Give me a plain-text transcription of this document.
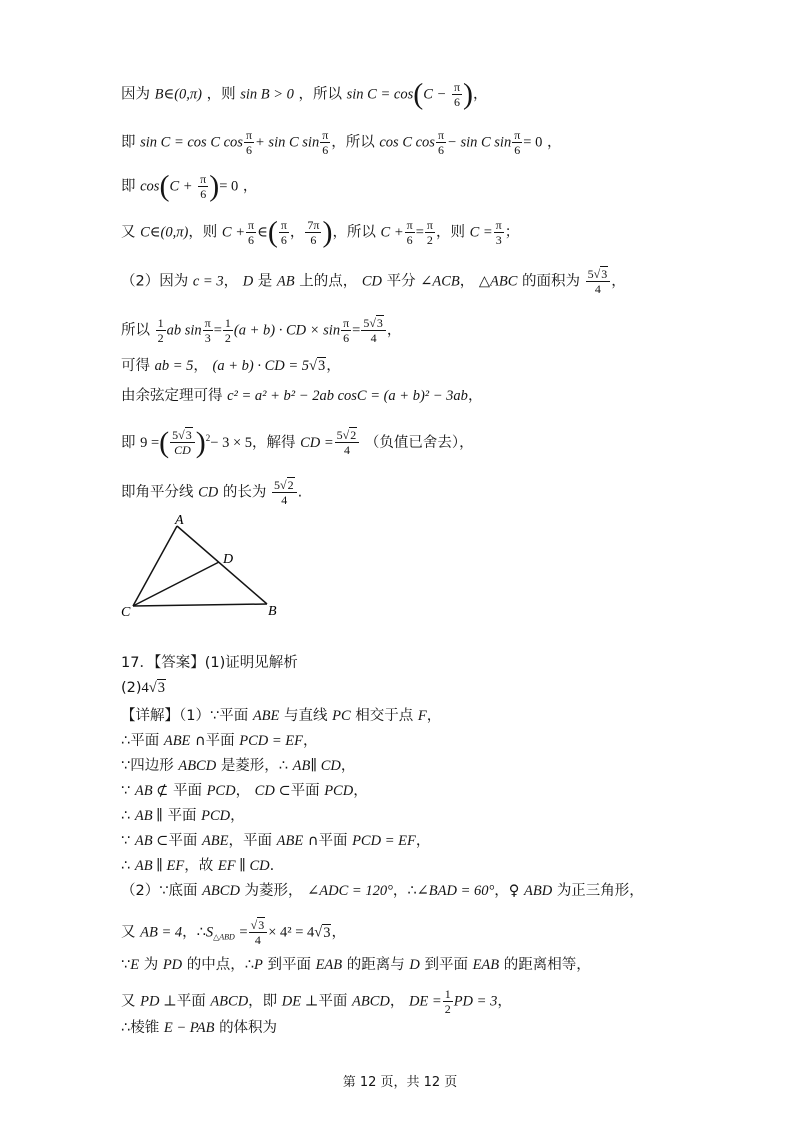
因为 B∈(0,π) ，则 sin B > 0 ，所以 $\sin C = \cos(C - \frac{\pi}{6}$ )，
即 sin C = cos C $\cos \frac{\pi}{6} + \sin C$ $\sin \frac{\pi}{6}$ ，所以 cos C $\cos \frac{\pi}{6} - \sin C$ $\sin \frac{\pi}{6} = 0$ ，
即 $\cos(C + \frac{\pi}{6}$ )= 0 ，
又 C∈(0,π)，则 $C + \frac{\pi}{6}$ ∈( $\frac{\pi}{6}$ ， $\frac{7\pi}{6}$ )，所以 $C + \frac{\pi}{6} = \frac{\pi}{2}$ ，则 $C = \frac{\pi}{3}$ ；
（2）因为 c = 3， D 是 AB 上的点， CD 平分 ∠ACB， △ABC 的面积为 $\frac{5√3}{4}$ ，
所以 $\frac{1}{2}$ ab $\sin \frac{\pi}{3} = \frac{1}{2} (a + b)$ · CD × $\sin \frac{\pi}{6} = \frac{5√3}{4}$ ，
可得 ab = 5， (a + b) · CD = 5√3，
由余弦定理可得 c² = a² + b² − 2ab cosC = (a + b)² − 3ab，
即 9 =( $\frac{5√3}{CD} )^2- 3 \times 5$，解得 CD = $\frac{5√2}{4}$ （负值已舍去），
即角平分线 CD 的长为 $\frac{5√2}{4}$ .
A
D
C	B
17．【答案】(1)证明见解析
(2)4√3
【详解】（1）∵平面 ABE 与直线 PC 相交于点 F，
∴平面 ABE ∩平面 PCD = EF，
∵四边形 ABCD 是菱形，∴ AB∥ CD，
∵ AB ⊄ 平面 PCD， CD ⊂平面 PCD，
∴ AB ∥ 平面 PCD，
∵ AB ⊂平面 ABE，平面 ABE ∩平面 PCD = EF，
∴ AB ∥ EF，故 EF ∥ CD.
（2）∵底面 ABCD 为菱形， ∠ADC = 120°，∴∠BAD = 60°，♀ ABD 为正三角形，
又 AB = 4，$\therefore S_{\triangle ABD} = \frac{√3}{4} \times 4^2 = 4√3$，
∵E 为 PD 的中点，∴P 到平面 EAB 的距离与 D 到平面 EAB 的距离相等，
又 PD ⊥平面 ABCD，即 DE ⊥平面 ABCD， DE = $\frac{1}{2}$ PD = 3，
∴棱锥 E − PAB 的体积为
第 12 页，共 12 页
